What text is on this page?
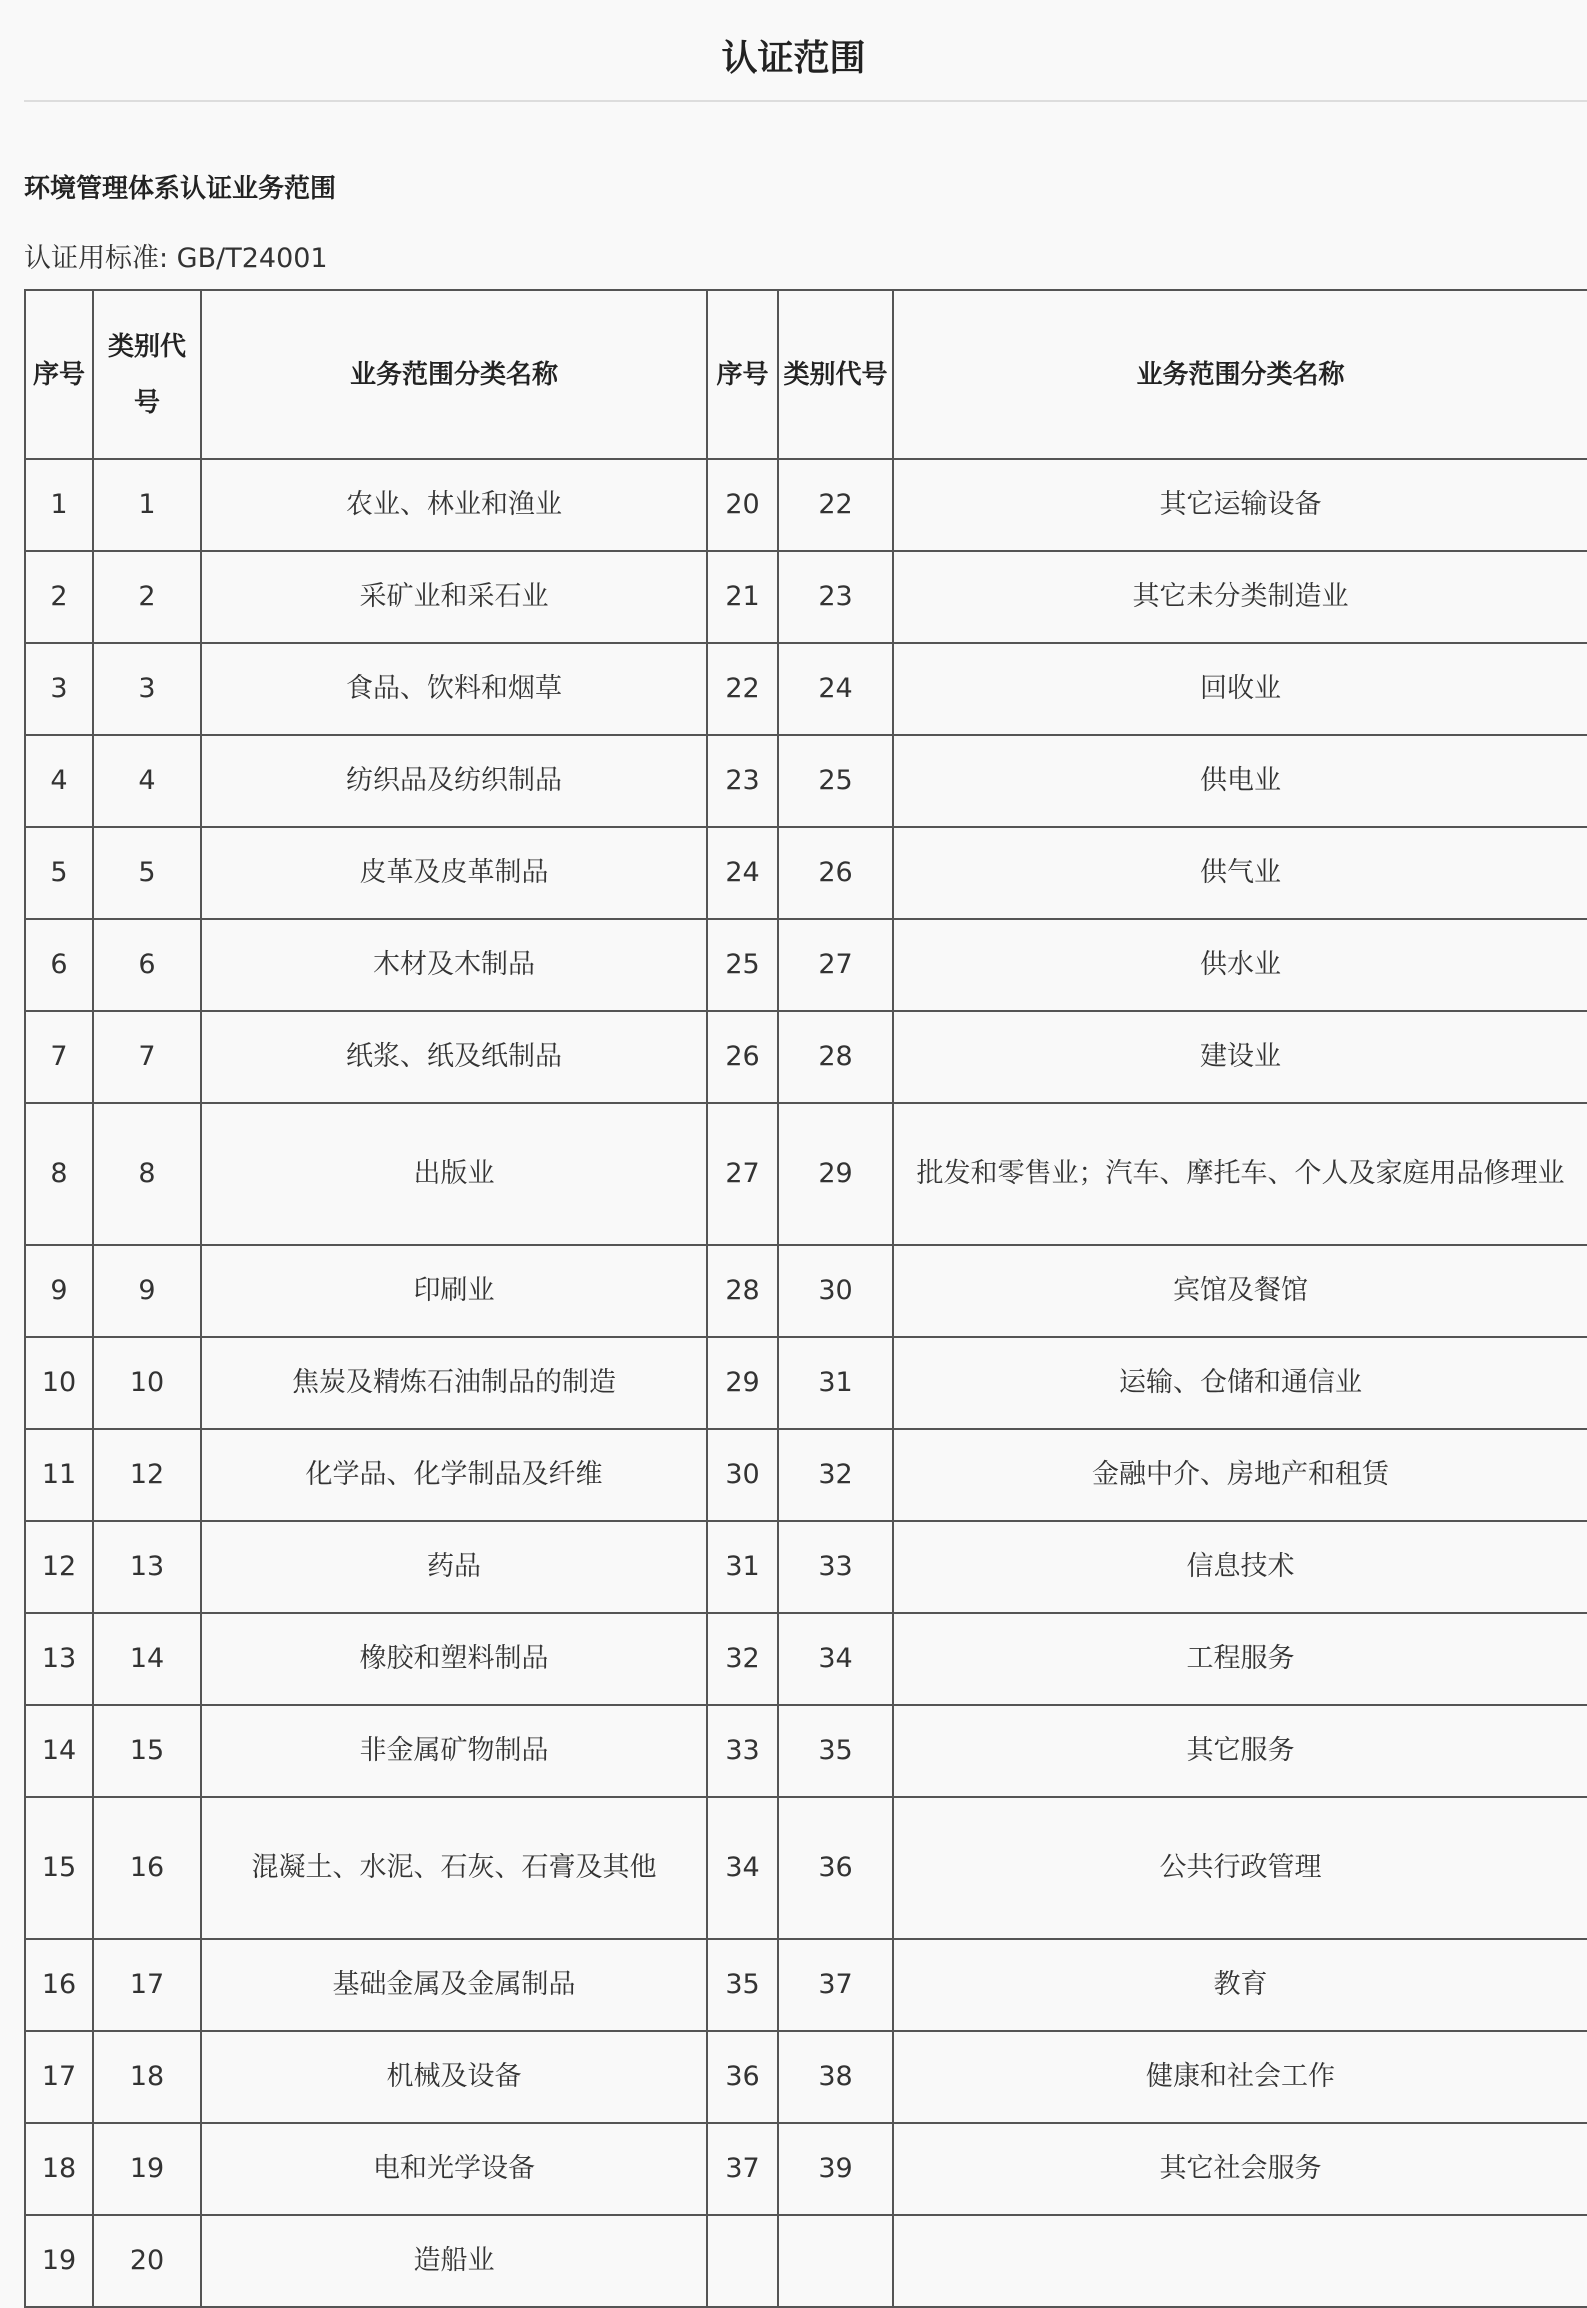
认证范围
环境管理体系认证业务范围
认证用标准: GB/T24001
序号	类别代号	业务范围分类名称	序号	类别代号	业务范围分类名称
1	1	农业、林业和渔业	20	22	其它运输设备
2	2	采矿业和采石业	21	23	其它未分类制造业
3	3	食品、饮料和烟草	22	24	回收业
4	4	纺织品及纺织制品	23	25	供电业
5	5	皮革及皮革制品	24	26	供气业
6	6	木材及木制品	25	27	供水业
7	7	纸浆、纸及纸制品	26	28	建设业
8	8	出版业	27	29	批发和零售业；汽车、摩托车、个人及家庭用品修理业
9	9	印刷业	28	30	宾馆及餐馆
10	10	焦炭及精炼石油制品的制造	29	31	运输、仓储和通信业
11	12	化学品、化学制品及纤维	30	32	金融中介、房地产和租赁
12	13	药品	31	33	信息技术
13	14	橡胶和塑料制品	32	34	工程服务
14	15	非金属矿物制品	33	35	其它服务
15	16	混凝土、水泥、石灰、石膏及其他	34	36	公共行政管理
16	17	基础金属及金属制品	35	37	教育
17	18	机械及设备	36	38	健康和社会工作
18	19	电和光学设备	37	39	其它社会服务
19	20	造船业			
